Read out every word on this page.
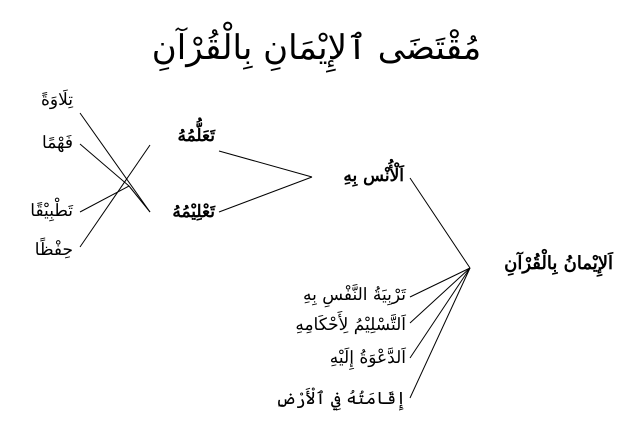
مُقْتَضَى ٱلإِيْمَانِ بِالْقُرْآنِ
اَلإِيْمانُ بِالْقُرْآنِ
اَلْأُنْس بِهِ
تَعَلُّمُهُ
تَعْلِيْمُهُ
تِلَاوَةً
فَهْمًا
تَطْبِيْقًا
حِفْظًا
تَرْبِيَةُ النَّفْسِ بِهِ
اَلتَّسْلِيْمُ لِأَحْكَامِهِ
اَلدَّعْوَةُ إِلَيْهِ
إِقَامَتُهُ فِي ٱلْأَرْضِ
